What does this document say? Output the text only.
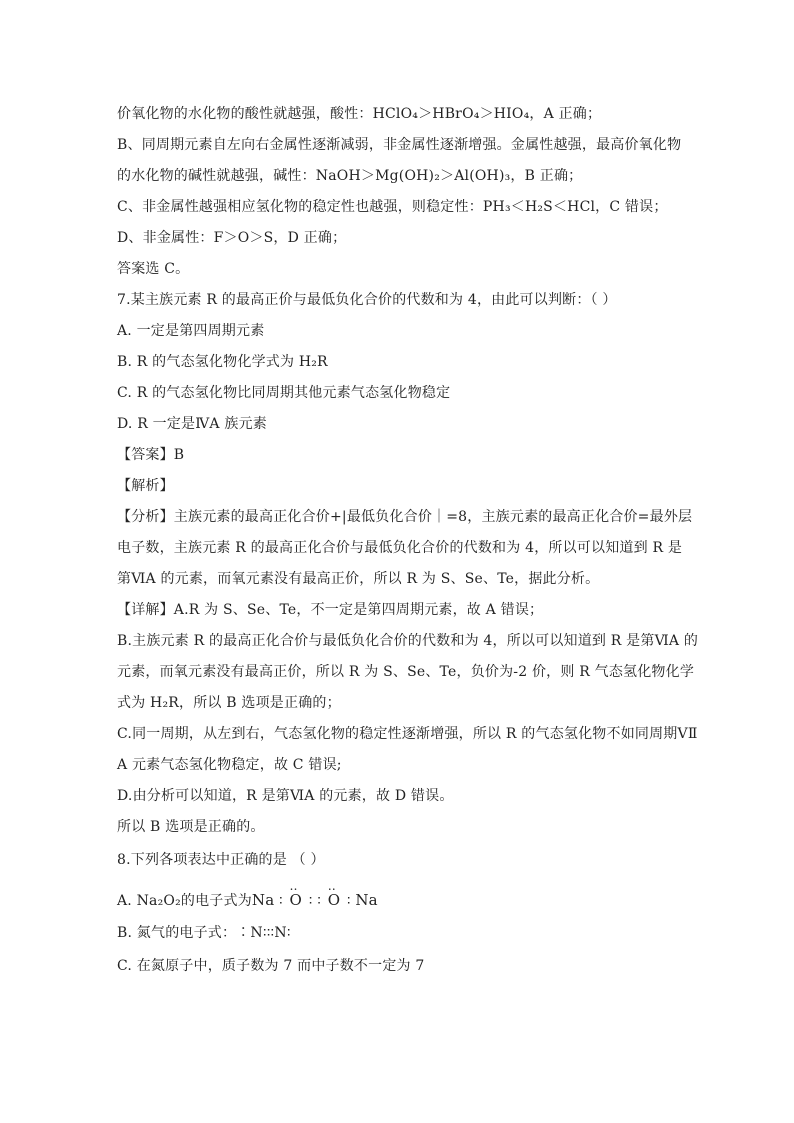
价氧化物的水化物的酸性就越强，酸性：HClO₄＞HBrO₄＞HIO₄，A 正确；
B、同周期元素自左向右金属性逐渐减弱，非金属性逐渐增强。金属性越强，最高价氧化物
的水化物的碱性就越强，碱性：NaOH＞Mg(OH)₂＞Al(OH)₃，B 正确；
C、非金属性越强相应氢化物的稳定性也越强，则稳定性：PH₃＜H₂S＜HCl，C 错误；
D、非金属性：F＞O＞S，D 正确；
答案选 C。
7.某主族元素 R 的最高正价与最低负化合价的代数和为 4，由此可以判断：（ ）
A. 一定是第四周期元素
B. R 的气态氢化物化学式为 H₂R
C. R 的气态氢化物比同周期其他元素气态氢化物稳定
D. R 一定是ⅣA 族元素
【答案】B
【解析】
【分析】主族元素的最高正化合价+|最低负化合价｜=8，主族元素的最高正化合价=最外层
电子数，主族元素 R 的最高正化合价与最低负化合价的代数和为 4，所以可以知道到 R 是
第ⅥA 的元素，而氧元素没有最高正价，所以 R 为 S、Se、Te，据此分析。
【详解】A.R 为 S、Se、Te，不一定是第四周期元素，故 A 错误；
B.主族元素 R 的最高正化合价与最低负化合价的代数和为 4，所以可以知道到 R 是第ⅥA 的
元素，而氧元素没有最高正价，所以 R 为 S、Se、Te，负价为-2 价，则 R 气态氢化物化学
式为 H₂R，所以 B 选项是正确的；
C.同一周期，从左到右，气态氢化物的稳定性逐渐增强，所以 R 的气态氢化物不如同周期ⅤⅡ
A 元素气态氢化物稳定，故 C 错误;
D.由分析可以知道，R 是第ⅥA 的元素，故 D 错误。
所以 B 选项是正确的。
8.下列各项表达中正确的是 （ ）
A. Na₂O₂的电子式为Na ∶ ‥ O ∶ ∶ ‥ O ∶ Na
B. 氮气的电子式：∶N∶∶∶N∶
C. 在氮原子中，质子数为 7 而中子数不一定为 7
